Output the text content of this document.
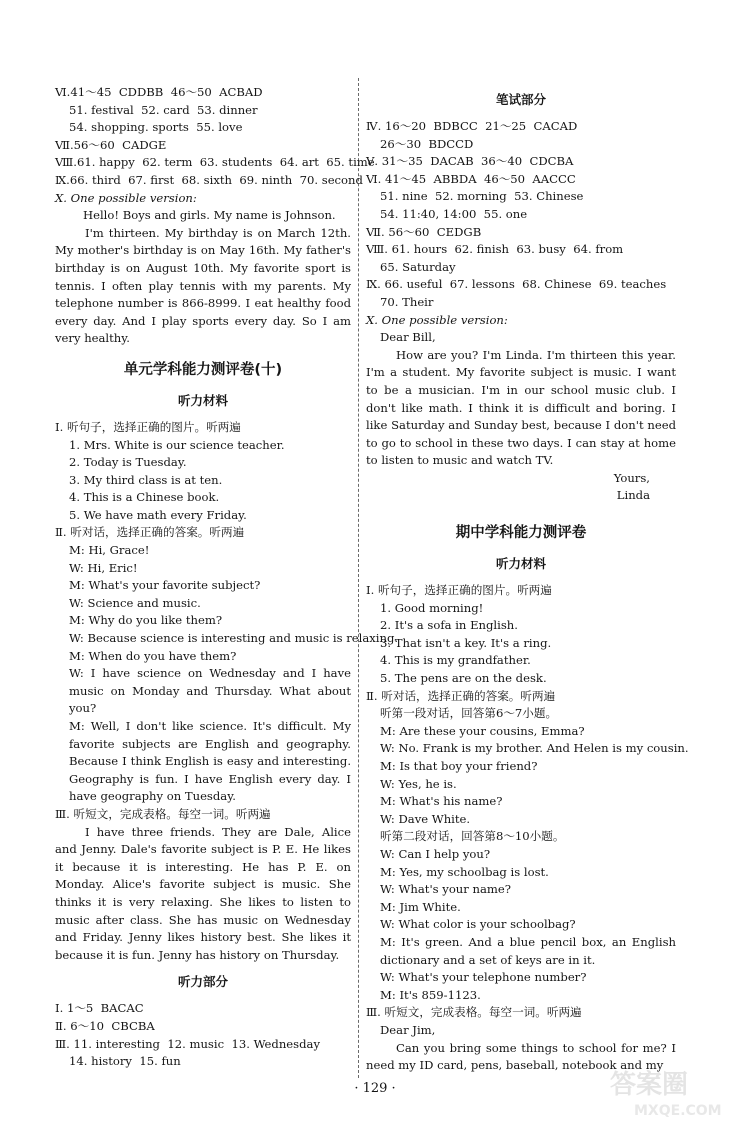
Ⅵ.41～45  CDDBB  46～50  ACBAD
51. festival  52. card  53. dinner
54. shopping. sports  55. love
Ⅶ.56～60  CADGE
Ⅷ.61. happy  62. term  63. students  64. art  65. time
Ⅸ.66. third  67. first  68. sixth  69. ninth  70. second
Ⅹ. One possible version:
Hello! Boys and girls. My name is Johnson.
I'm thirteen. My birthday is on March 12th. My mother's birthday is on May 16th. My father's birthday is on August 10th. My favorite sport is tennis. I often play tennis with my parents. My telephone number is 866-8999. I eat healthy food every day. And I play sports every day. So I am very healthy.
单元学科能力测评卷(十)
听力材料
Ⅰ. 听句子，选择正确的图片。听两遍
1. Mrs. White is our science teacher.
2. Today is Tuesday.
3. My third class is at ten.
4. This is a Chinese book.
5. We have math every Friday.
Ⅱ. 听对话，选择正确的答案。听两遍
M: Hi, Grace!
W: Hi, Eric!
M: What's your favorite subject?
W: Science and music.
M: Why do you like them?
W: Because science is interesting and music is relaxing.
M: When do you have them?
W: I have science on Wednesday and I have music on Monday and Thursday. What about you?
M: Well, I don't like science. It's difficult. My favorite subjects are English and geography. Because I think English is easy and interesting. Geography is fun. I have English every day. I have geography on Tuesday.
Ⅲ. 听短文，完成表格。每空一词。听两遍
I have three friends. They are Dale, Alice and Jenny. Dale's favorite subject is P. E. He likes it because it is interesting. He has P. E. on Monday. Alice's favorite subject is music. She thinks it is very relaxing. She likes to listen to music after class. She has music on Wednesday and Friday. Jenny likes history best. She likes it because it is fun. Jenny has history on Thursday.
听力部分
Ⅰ. 1～5  BACAC
Ⅱ. 6～10  CBCBA
Ⅲ. 11. interesting  12. music  13. Wednesday
14. history  15. fun
笔试部分
Ⅳ. 16～20  BDBCC  21～25  CACAD
26～30  BDCCD
Ⅴ. 31～35  DACAB  36～40  CDCBA
Ⅵ. 41～45  ABBDA  46～50  AACCC
51. nine  52. morning  53. Chinese
54. 11:40, 14:00  55. one
Ⅶ. 56～60  CEDGB
Ⅷ. 61. hours  62. finish  63. busy  64. from
65. Saturday
Ⅸ. 66. useful  67. lessons  68. Chinese  69. teaches
70. Their
Ⅹ. One possible version:
Dear Bill,
How are you? I'm Linda. I'm thirteen this year. I'm a student. My favorite subject is music. I want to be a musician. I'm in our school music club. I don't like math. I think it is difficult and boring. I like Saturday and Sunday best, because I don't need to go to school in these two days. I can stay at home to listen to music and watch TV.
Yours,
Linda
期中学科能力测评卷
听力材料
Ⅰ. 听句子，选择正确的图片。听两遍
1. Good morning!
2. It's a sofa in English.
3. That isn't a key. It's a ring.
4. This is my grandfather.
5. The pens are on the desk.
Ⅱ. 听对话，选择正确的答案。听两遍
听第一段对话，回答第6～7小题。
M: Are these your cousins, Emma?
W: No. Frank is my brother. And Helen is my cousin.
M: Is that boy your friend?
W: Yes, he is.
M: What's his name?
W: Dave White.
听第二段对话，回答第8～10小题。
W: Can I help you?
M: Yes, my schoolbag is lost.
W: What's your name?
M: Jim White.
W: What color is your schoolbag?
M: It's green. And a blue pencil box, an English dictionary and a set of keys are in it.
W: What's your telephone number?
M: It's 859-1123.
Ⅲ. 听短文，完成表格。每空一词。听两遍
Dear Jim,
Can you bring some things to school for me? I need my ID card, pens, baseball, notebook and my
· 129 ·	答案圈
MXQE.COM
